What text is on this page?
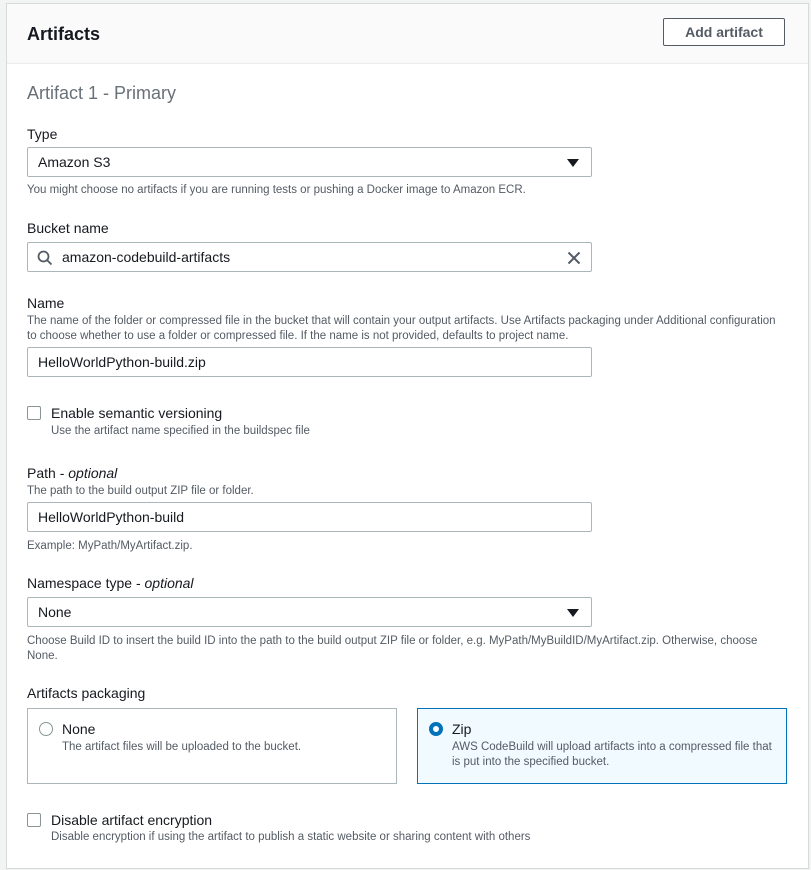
Artifacts	Add artifact
Artifact 1 - Primary
Type
Amazon S3
You might choose no artifacts if you are running tests or pushing a Docker image to Amazon ECR.
Bucket name
amazon-codebuild-artifacts
Name
The name of the folder or compressed file in the bucket that will contain your output artifacts. Use Artifacts packaging under Additional configuration to choose whether to use a folder or compressed file. If the name is not provided, defaults to project name.
HelloWorldPython-build.zip
Enable semantic versioning
Use the artifact name specified in the buildspec file
Path - optional
The path to the build output ZIP file or folder.
HelloWorldPython-build
Example: MyPath/MyArtifact.zip.
Namespace type - optional
None
Choose Build ID to insert the build ID into the path to the build output ZIP file or folder, e.g. MyPath/MyBuildID/MyArtifact.zip. Otherwise, choose None.
Artifacts packaging
None
The artifact files will be uploaded to the bucket.
Zip
AWS CodeBuild will upload artifacts into a compressed file that is put into the specified bucket.
Disable artifact encryption
Disable encryption if using the artifact to publish a static website or sharing content with others
